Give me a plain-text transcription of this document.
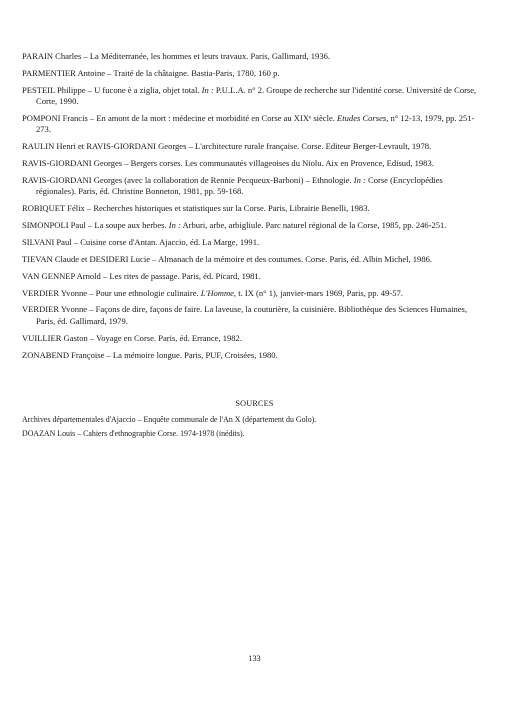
PARAIN Charles – La Méditerranée, les hommes et leurs travaux. Paris, Gallimard, 1936.

PARMENTIER Antoine – Traité de la châtaigne. Bastia-Paris, 1780, 160 p.

PESTEIL Philippe – U fucone è a ziglia, objet total. In : P.U.L.A. n° 2. Groupe de recherche sur l'identité corse. Université de Corse, Corte, 1990.

POMPONI Francis – En amont de la mort : médecine et morbidité en Corse au XIXᵉ siècle. Etudes Corses, n° 12-13, 1979, pp. 251-273.

RAULIN Henri et RAVIS-GIORDANI Georges – L'architecture rurale française. Corse. Editeur Berger-Levrault, 1978.

RAVIS-GIORDANI Georges – Bergers corses. Les communautés villageoises du Niolu. Aix en Provence, Edisud, 1983.

RAVIS-GIORDANI Georges (avec la collaboration de Rennie Pecqueux-Barboni) – Ethnologie. In : Corse (Encyclopédies régionales). Paris, éd. Christine Bonneton, 1981, pp. 59-168.

ROBIQUET Félix – Recherches historiques et statistiques sur la Corse. Paris, Librairie Benelli, 1983.

SIMONPOLI Paul – La soupe aux herbes. In : Arburi, arbe, arbigliule. Parc naturel régional de la Corse, 1985, pp. 246-251.

SILVANI Paul – Cuisine corse d'Antan. Ajaccio, éd. La Marge, 1991.

TIEVAN Claude et DESIDERI Lucie – Almanach de la mémoire et des coutumes. Corse. Paris, éd. Albin Michel, 1986.

VAN GENNEP Arnold – Les rites de passage. Paris, éd. Picard, 1981.

VERDIER Yvonne – Pour une ethnologie culinaire. L'Homme, t. IX (n° 1), janvier-mars 1969, Paris, pp. 49-57.

VERDIER Yvonne – Façons de dire, façons de faire. La laveuse, la couturière, la cuisinière. Bibliothèque des Sciences Humaines, Paris, éd. Gallimard, 1979.

VUILLIER Gaston – Voyage en Corse. Paris, éd. Errance, 1982.

ZONABEND Françoise – La mémoire longue. Paris, PUF, Croisées, 1980.

SOURCES
Archives départementales d'Ajaccio – Enquête communale de l'An X (département du Golo).
DOAZAN Louis – Cahiers d'ethnographie Corse. 1974-1978 (inédits).
133
